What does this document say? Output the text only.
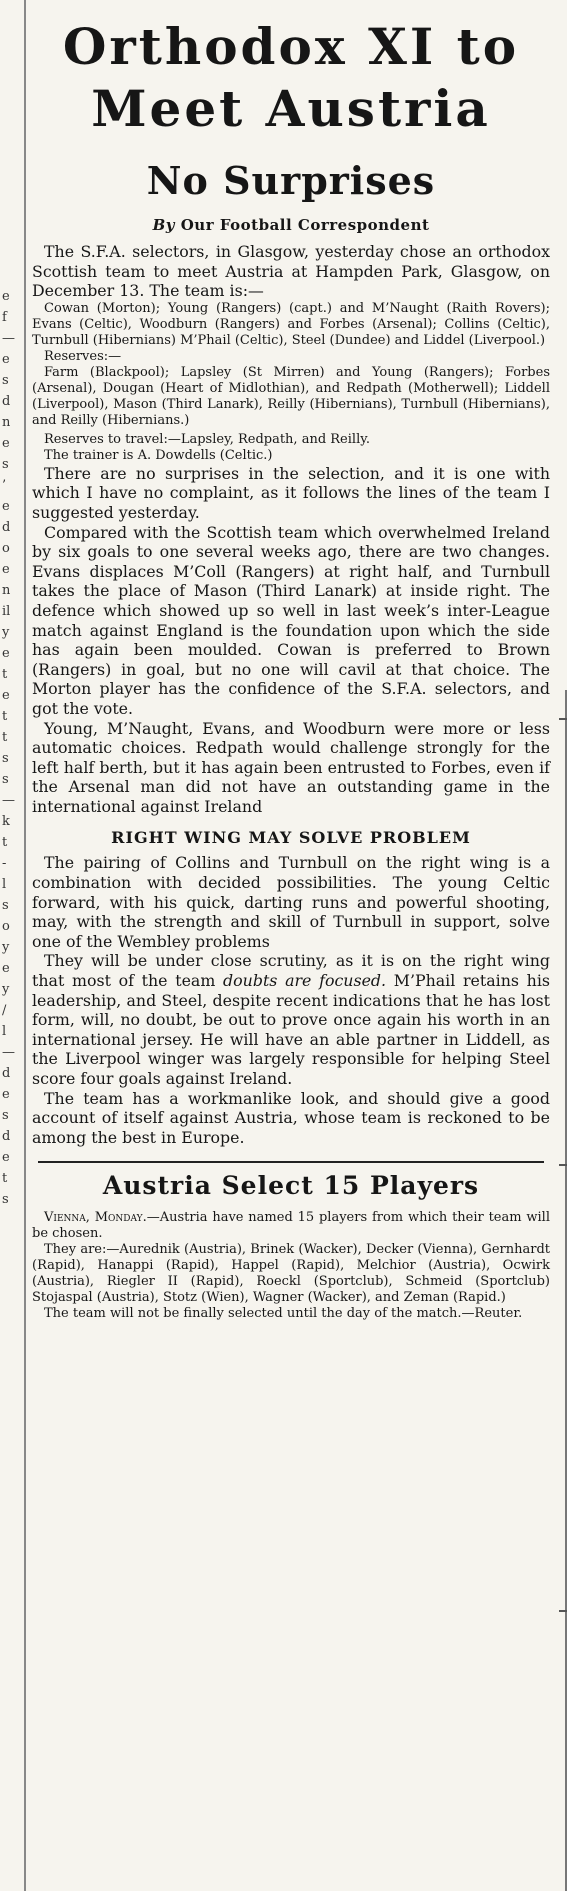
e
f
—
e
s
d
n
e
s
’
e
d
o
e
n
il
y
e
t
e
t
t
s
s
—
k
t
-
l
s
o
y
e
y
/
l
—
d
e
s
d
e
t
s
Orthodox XI to
Meet Austria
No Surprises
By Our Football Correspondent

The S.F.A. selectors, in Glasgow, yesterday chose an orthodox Scottish team to meet Austria at Hampden Park, Glasgow, on December 13. The team is:—

Cowan (Morton); Young (Rangers) (capt.) and M’Naught (Raith Rovers); Evans (Celtic), Woodburn (Rangers) and Forbes (Arsenal); Collins (Celtic), Turnbull (Hibernians) M’Phail (Celtic), Steel (Dundee) and Liddel (Liverpool.)

Reserves:—

Farm (Blackpool); Lapsley (St Mirren) and Young (Rangers); Forbes (Arsenal), Dougan (Heart of Midlothian), and Redpath (Motherwell); Liddell (Liverpool), Mason (Third Lanark), Reilly (Hibernians), Turnbull (Hibernians), and Reilly (Hibernians.)

Reserves to travel:—Lapsley, Redpath, and Reilly.

The trainer is A. Dowdells (Celtic.)

There are no surprises in the selection, and it is one with which I have no complaint, as it follows the lines of the team I suggested yesterday.

Compared with the Scottish team which overwhelmed Ireland by six goals to one several weeks ago, there are two changes. Evans displaces M’Coll (Rangers) at right half, and Turnbull takes the place of Mason (Third Lanark) at inside right. The defence which showed up so well in last week’s inter-League match against England is the foundation upon which the side has again been moulded. Cowan is preferred to Brown (Rangers) in goal, but no one will cavil at that choice. The Morton player has the confidence of the S.F.A. selectors, and got the vote.

Young, M’Naught, Evans, and Woodburn were more or less automatic choices. Redpath would challenge strongly for the left half berth, but it has again been entrusted to Forbes, even if the Arsenal man did not have an outstanding game in the international against Ireland

RIGHT WING MAY SOLVE PROBLEM

The pairing of Collins and Turnbull on the right wing is a combination with decided possibilities. The young Celtic forward, with his quick, darting runs and powerful shooting, may, with the strength and skill of Turnbull in support, solve one of the Wembley problems

They will be under close scrutiny, as it is on the right wing that most of the team doubts are focused. M’Phail retains his leadership, and Steel, despite recent indications that he has lost form, will, no doubt, be out to prove once again his worth in an international jersey. He will have an able partner in Liddell, as the Liverpool winger was largely responsible for helping Steel score four goals against Ireland.

The team has a workmanlike look, and should give a good account of itself against Austria, whose team is reckoned to be among the best in Europe.

Austria Select 15 Players

Vienna, Monday.—Austria have named 15 players from which their team will be chosen.

They are:—Aurednik (Austria), Brinek (Wacker), Decker (Vienna), Gernhardt (Rapid), Hanappi (Rapid), Happel (Rapid), Melchior (Austria), Ocwirk (Austria), Riegler II (Rapid), Roeckl (Sportclub), Schmeid (Sportclub) Stojaspal (Austria), Stotz (Wien), Wagner (Wacker), and Zeman (Rapid.)

The team will not be finally selected until the day of the match.—Reuter.
